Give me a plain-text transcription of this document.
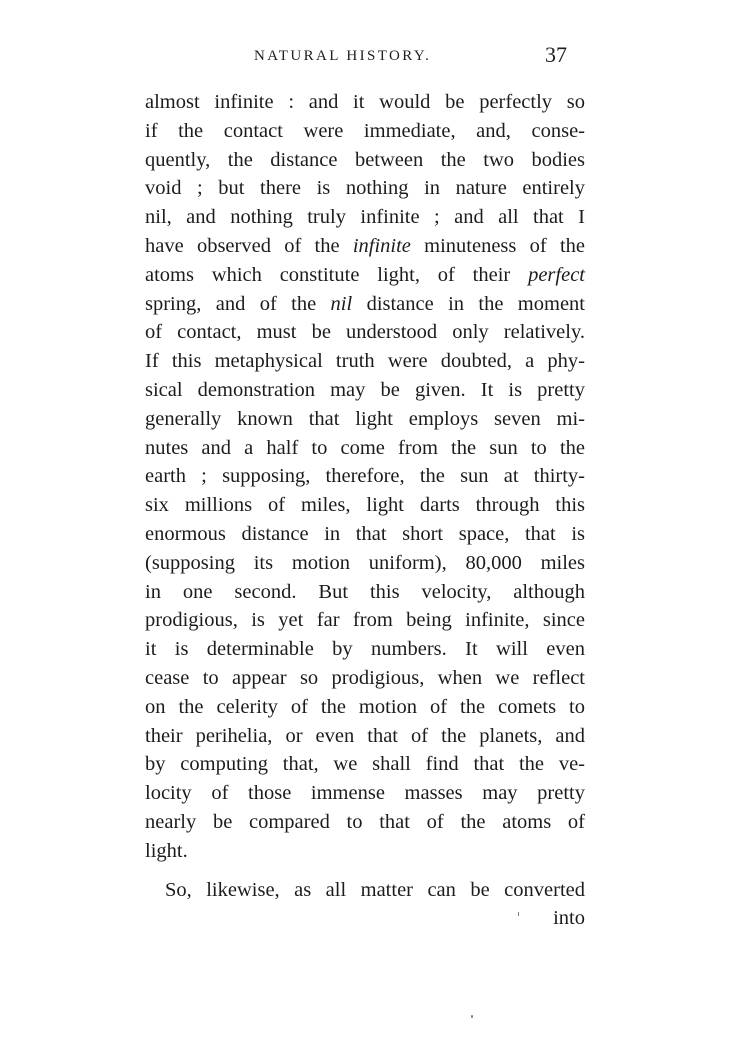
NATURAL HISTORY.	37
almost infinite : and it would be perfectly so
if the contact were immediate, and, conse-
quently, the distance between the two bodies
void ; but there is nothing in nature entirely
nil, and nothing truly infinite ; and all that I
have observed of the infinite minuteness of the
atoms which constitute light, of their perfect
spring, and of the nil distance in the moment
of contact, must be understood only relatively.
If this metaphysical truth were doubted, a phy-
sical demonstration may be given. It is pretty
generally known that light employs seven mi-
nutes and a half to come from the sun to the
earth ; supposing, therefore, the sun at thirty-
six millions of miles, light darts through this
enormous distance in that short space, that is
(supposing its motion uniform), 80,000 miles
in one second. But this velocity, although
prodigious, is yet far from being infinite, since
it is determinable by numbers. It will even
cease to appear so prodigious, when we reflect
on the celerity of the motion of the comets to
their perihelia, or even that of the planets, and
by computing that, we shall find that the ve-
locity of those immense masses may pretty
nearly be compared to that of the atoms of
light.
So, likewise, as all matter can be converted
into
